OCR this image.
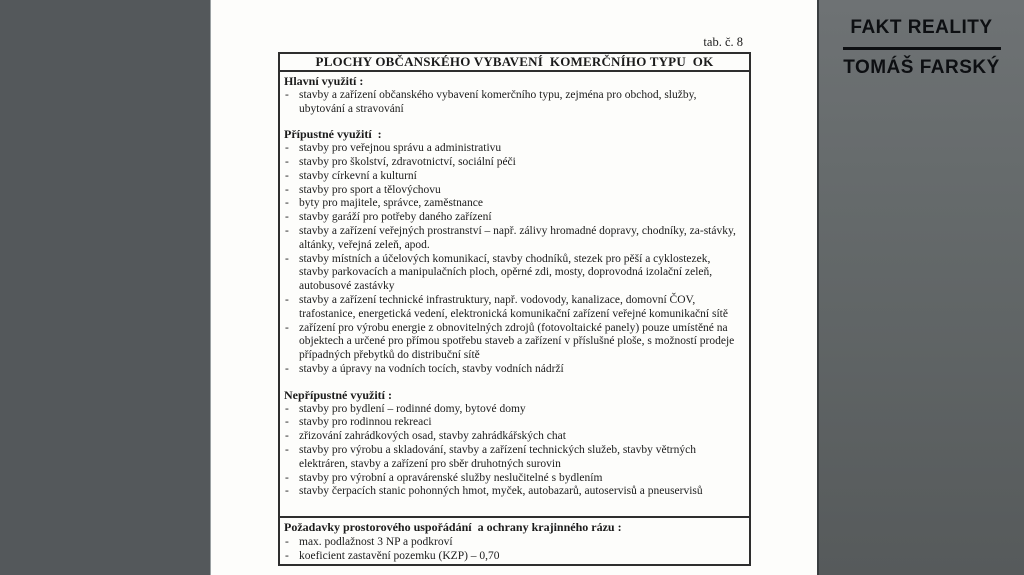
tab. č. 8
PLOCHY OBČANSKÉHO VYBAVENÍ  KOMERČNÍHO TYPU  OK
Hlavní využití :
- stavby a zařízení občanského vybavení komerčního typu, zejména pro obchod, služby, ubytování a stravování
Přípustné využití  :
- stavby pro veřejnou správu a administrativu
- stavby pro školství, zdravotnictví, sociální péči
- stavby církevní a kulturní
- stavby pro sport a tělovýchovu
- byty pro majitele, správce, zaměstnance
- stavby garáží pro potřeby daného zařízení
- stavby a zařízení veřejných prostranství – např. zálivy hromadné dopravy, chodníky, za-stávky, altánky, veřejná zeleň, apod.
- stavby místních a účelových komunikací, stavby chodníků, stezek pro pěší a cyklostezek, stavby parkovacích a manipulačních ploch, opěrné zdi, mosty, doprovodná izolační zeleň, autobusové zastávky
- stavby a zařízení technické infrastruktury, např. vodovody, kanalizace, domovní ČOV, trafostanice, energetická vedení, elektronická komunikační zařízení veřejné komunikační sítě
- zařízení pro výrobu energie z obnovitelných zdrojů (fotovoltaické panely) pouze umístěné na objektech a určené pro přímou spotřebu staveb a zařízení v příslušné ploše, s možností prodeje případných přebytků do distribuční sítě
- stavby a úpravy na vodních tocích, stavby vodních nádrží
Nepřípustné využití :
- stavby pro bydlení – rodinné domy, bytové domy
- stavby pro rodinnou rekreaci
- zřizování zahrádkových osad, stavby zahrádkářských chat
- stavby pro výrobu a skladování, stavby a zařízení technických služeb, stavby větrných elektráren, stavby a zařízení pro sběr druhotných surovin
- stavby pro výrobní a opravárenské služby neslučitelné s bydlením
- stavby čerpacích stanic pohonných hmot, myček, autobazarů, autoservisů a pneuservisů
Požadavky prostorového uspořádání  a ochrany krajinného rázu :
- max. podlažnost 3 NP a podkroví
- koeficient zastavění pozemku (KZP) – 0,70
FAKT REALITY
TOMÁŠ FARSKÝ
